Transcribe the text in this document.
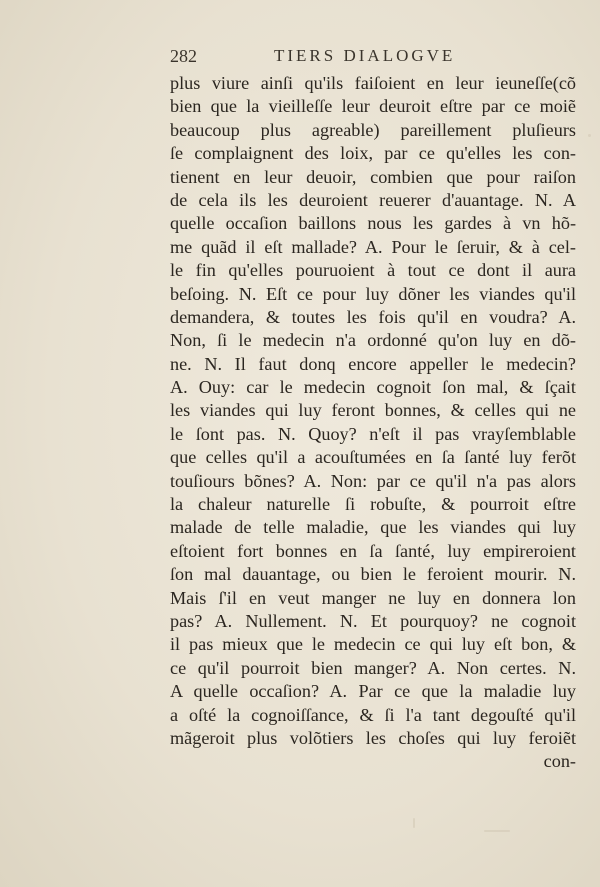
282	TIERS DIALOGVE
plus viure ainſi qu'ils faiſoient en leur ieuneſſe(cõ
bien que la vieilleſſe leur deuroit eſtre par ce moiẽ
beaucoup plus agreable) pareillement pluſieurs
ſe complaignent des loix, par ce qu'elles les con-
tienent en leur deuoir, combien que pour raiſon
de cela ils les deuroient reuerer d'auantage. N. A
quelle occaſion baillons nous les gardes à vn hõ-
me quãd il eſt mallade? A. Pour le ſeruir, & à cel-
le fin qu'elles pouruoient à tout ce dont il aura
beſoing. N. Eſt ce pour luy dõner les viandes qu'il
demandera, & toutes les fois qu'il en voudra? A.
Non, ſi le medecin n'a ordonné qu'on luy en dõ-
ne. N. Il faut donq encore appeller le medecin?
A. Ouy: car le medecin cognoit ſon mal, & ſçait
les viandes qui luy feront bonnes, & celles qui ne
le ſont pas. N. Quoy? n'eſt il pas vrayſemblable
que celles qu'il a acouſtumées en ſa ſanté luy ferõt
touſiours bõnes? A. Non: par ce qu'il n'a pas alors
la chaleur naturelle ſi robuſte, & pourroit eſtre
malade de telle maladie, que les viandes qui luy
eſtoient fort bonnes en ſa ſanté, luy empireroient
ſon mal dauantage, ou bien le feroient mourir. N.
Mais ſ'il en veut manger ne luy en donnera lon
pas? A. Nullement. N. Et pourquoy? ne cognoit
il pas mieux que le medecin ce qui luy eſt bon, &
ce qu'il pourroit bien manger? A. Non certes. N.
A quelle occaſion? A. Par ce que la maladie luy
a oſté la cognoiſſance, & ſi l'a tant degouſté qu'il
mãgeroit plus volõtiers les choſes qui luy feroiẽt
con-
